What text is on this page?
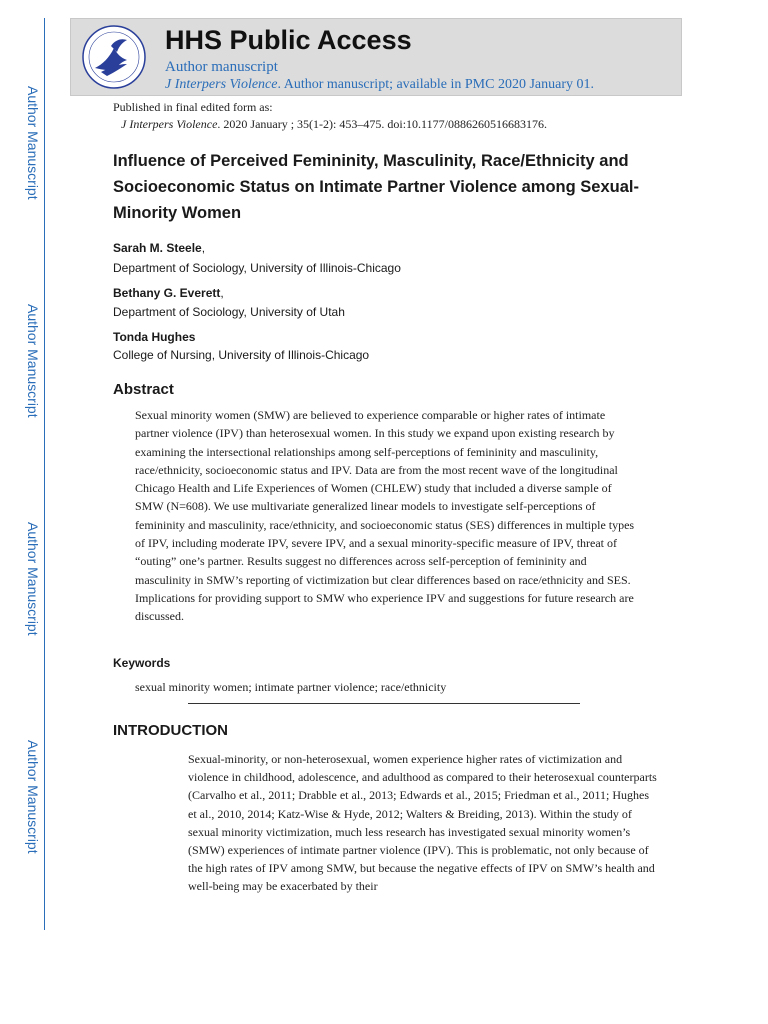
Author Manuscript
Author Manuscript
Author Manuscript
Author Manuscript
HHS Public Access
Author manuscript
J Interpers Violence. Author manuscript; available in PMC 2020 January 01.
Published in final edited form as:
J Interpers Violence. 2020 January ; 35(1-2): 453–475. doi:10.1177/0886260516683176.
Influence of Perceived Femininity, Masculinity, Race/Ethnicity and Socioeconomic Status on Intimate Partner Violence among Sexual-Minority Women
Sarah M. Steele,
Department of Sociology, University of Illinois-Chicago
Bethany G. Everett,
Department of Sociology, University of Utah
Tonda Hughes
College of Nursing, University of Illinois-Chicago
Abstract
Sexual minority women (SMW) are believed to experience comparable or higher rates of intimate partner violence (IPV) than heterosexual women. In this study we expand upon existing research by examining the intersectional relationships among self-perceptions of femininity and masculinity, race/ethnicity, socioeconomic status and IPV. Data are from the most recent wave of the longitudinal Chicago Health and Life Experiences of Women (CHLEW) study that included a diverse sample of SMW (N=608). We use multivariate generalized linear models to investigate self-perceptions of femininity and masculinity, race/ethnicity, and socioeconomic status (SES) differences in multiple types of IPV, including moderate IPV, severe IPV, and a sexual minority-specific measure of IPV, threat of “outing” one’s partner. Results suggest no differences across self-perception of femininity and masculinity in SMW’s reporting of victimization but clear differences based on race/ethnicity and SES. Implications for providing support to SMW who experience IPV and suggestions for future research are discussed.
Keywords
sexual minority women; intimate partner violence; race/ethnicity
INTRODUCTION
Sexual-minority, or non-heterosexual, women experience higher rates of victimization and violence in childhood, adolescence, and adulthood as compared to their heterosexual counterparts (Carvalho et al., 2011; Drabble et al., 2013; Edwards et al., 2015; Friedman et al., 2011; Hughes et al., 2010, 2014; Katz-Wise & Hyde, 2012; Walters & Breiding, 2013). Within the study of sexual minority victimization, much less research has investigated sexual minority women’s (SMW) experiences of intimate partner violence (IPV). This is problematic, not only because of the high rates of IPV among SMW, but because the negative effects of IPV on SMW’s health and well-being may be exacerbated by their
